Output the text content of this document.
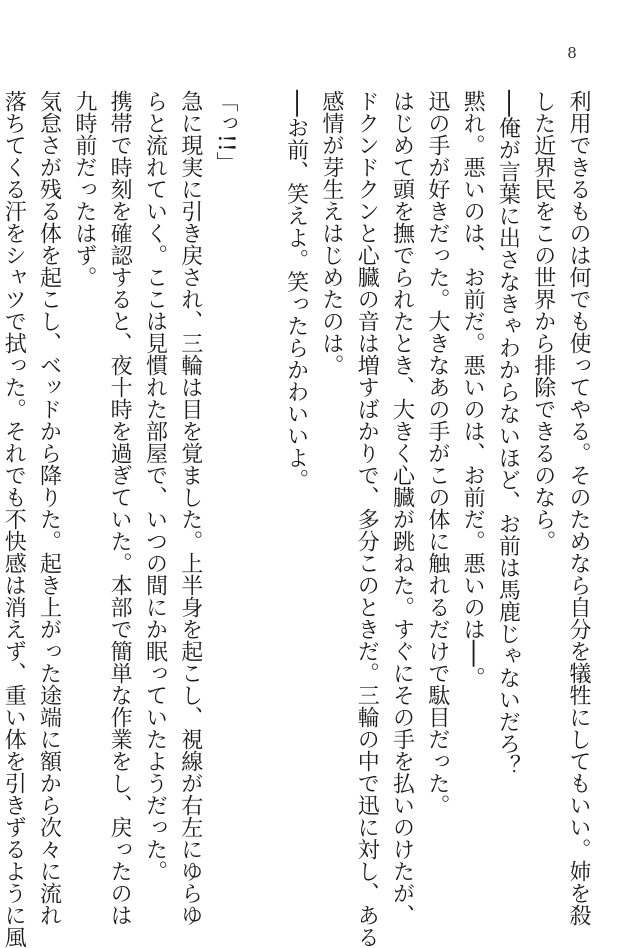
8
利用できるものは何でも使ってやる。そのためなら自分を犠牲にしてもいい。姉を殺
した近界民をこの世界から排除できるのなら。
──俺が言葉に出さなきゃわからないほど、お前は馬鹿じゃないだろ？
黙れ。悪いのは、お前だ。悪いのは、お前だ。悪いのは──。
迅の手が好きだった。大きなあの手がこの体に触れるだけで駄目だった。
はじめて頭を撫でられたとき、大きく心臓が跳ねた。すぐにその手を払いのけたが、
ドクンドクンと心臓の音は増すばかりで、多分このときだ。三輪の中で迅に対し、ある
感情が芽生えはじめたのは。
──お前、笑えよ。笑ったらかわいいよ。
「っ!!」
急に現実に引き戻され、三輪は目を覚ました。上半身を起こし、視線が右左にゆらゆ
らと流れていく。ここは見慣れた部屋で、いつの間にか眠っていたようだった。
携帯で時刻を確認すると、夜十時を過ぎていた。本部で簡単な作業をし、戻ったのは
九時前だったはず。
気怠さが残る体を起こし、ベッドから降りた。起き上がった途端に額から次々に流れ
落ちてくる汗をシャツで拭った。それでも不快感は消えず、重い体を引きずるように風
